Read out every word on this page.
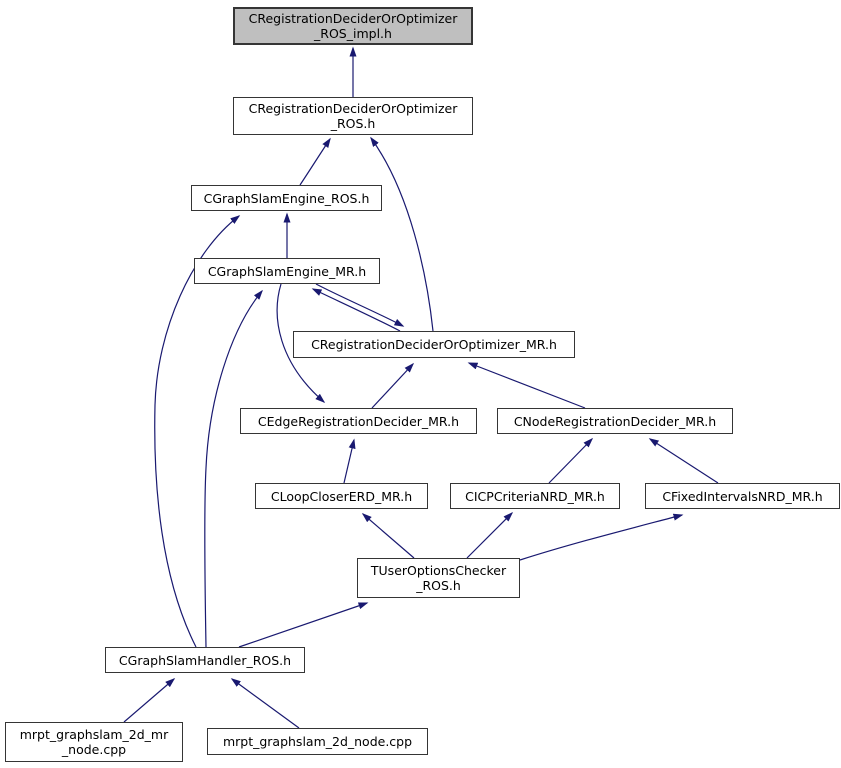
CRegistrationDeciderOrOptimizer
_ROS_impl.h
CRegistrationDeciderOrOptimizer
_ROS.h
CGraphSlamEngine_ROS.h
CGraphSlamEngine_MR.h
CRegistrationDeciderOrOptimizer_MR.h
CEdgeRegistrationDecider_MR.h	CNodeRegistrationDecider_MR.h
CLoopCloserERD_MR.h	CICPCriteriaNRD_MR.h	CFixedIntervalsNRD_MR.h
TUserOptionsChecker
_ROS.h
CGraphSlamHandler_ROS.h
mrpt_graphslam_2d_mr
_node.cpp
mrpt_graphslam_2d_node.cpp
